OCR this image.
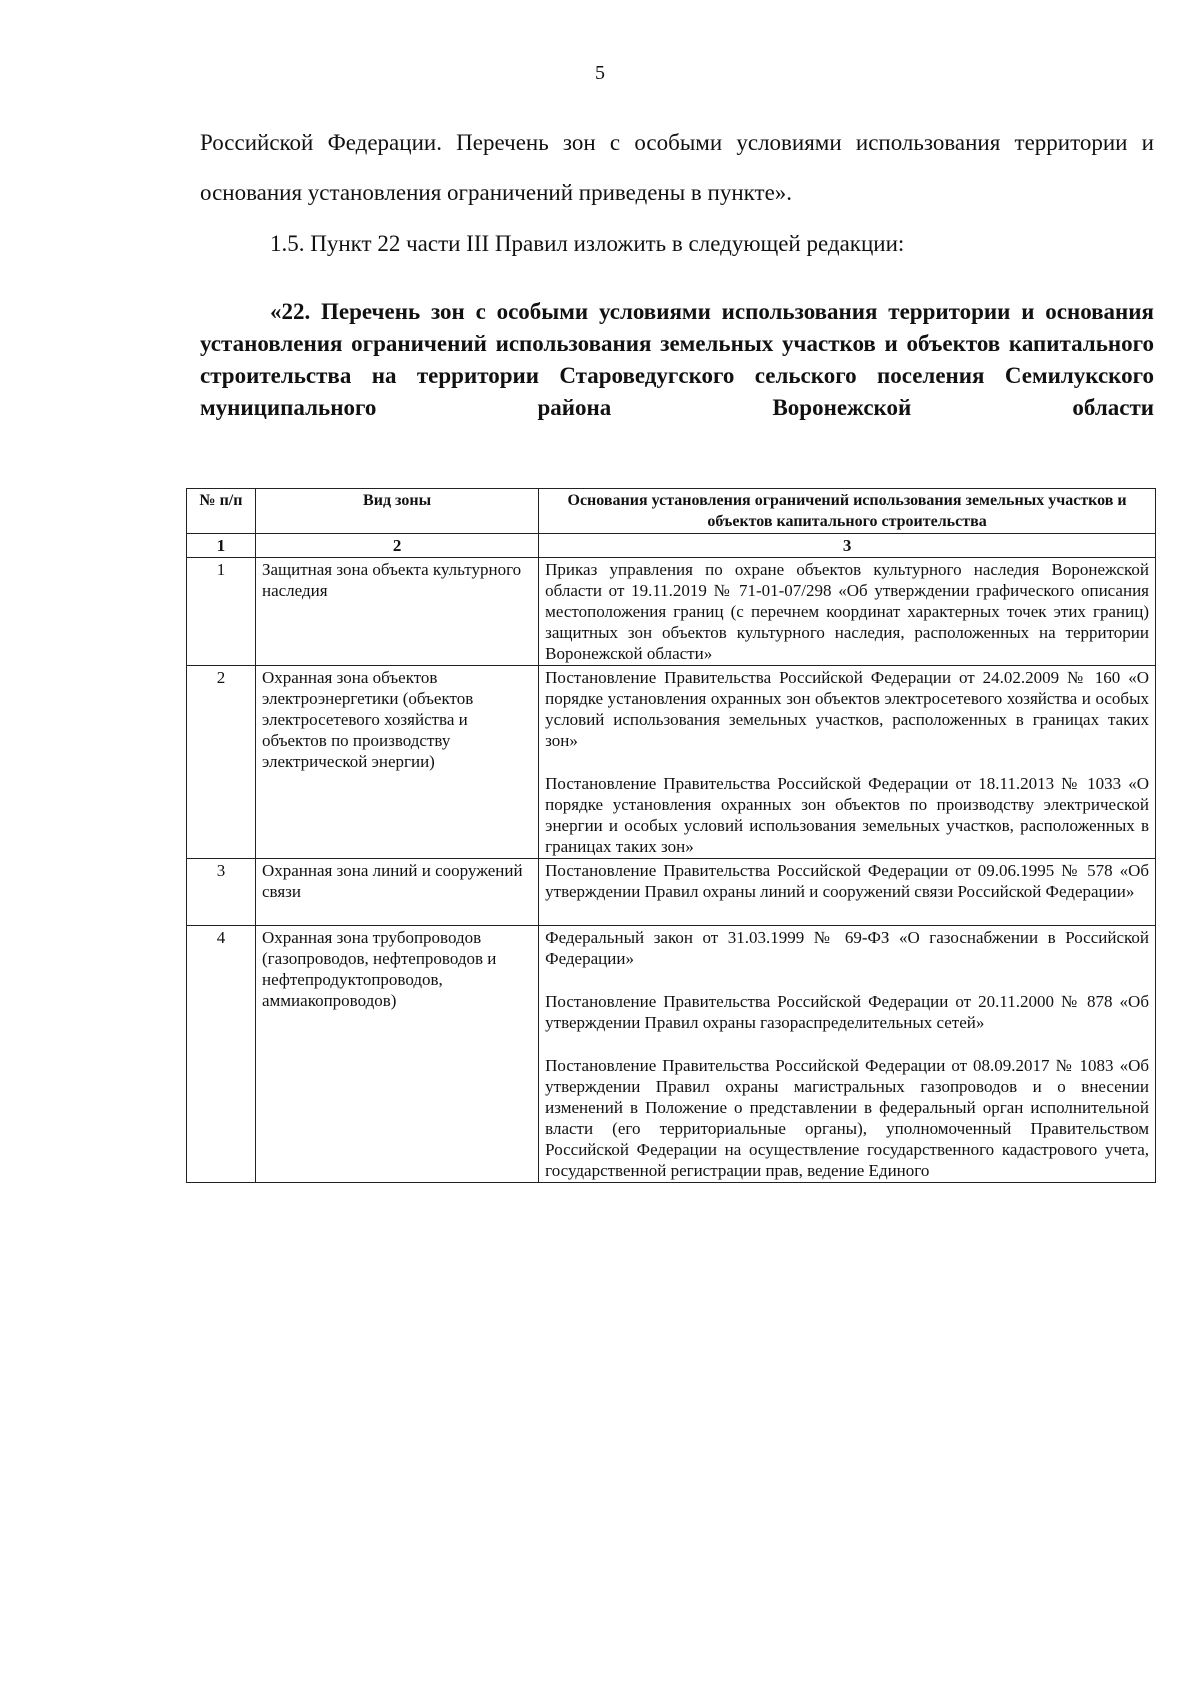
5
Российской Федерации. Перечень зон с особыми условиями использования территории и основания установления ограничений приведены в пункте».
1.5. Пункт 22 части III Правил изложить в следующей редакции:
«22. Перечень зон с особыми условиями использования территории и основания установления ограничений использования земельных участков и объектов капитального строительства на территории Староведугского сельского поселения Семилукского муниципального района Воронежской области
№ п/п	Вид зоны	Основания установления ограничений использования земельных участков и объектов капитального строительства
1	2	3
1	Защитная зона объекта культурного наследия	Приказ управления по охране объектов культурного наследия Воронежской области от 19.11.2019 № 71-01-07/298 «Об утверждении графического описания местоположения границ (с перечнем координат характерных точек этих границ) защитных зон объектов культурного наследия, расположенных на территории Воронежской области»

2	Охранная зона объектов электроэнергетики (объектов электросетевого хозяйства и объектов по производству электрической энергии)	Постановление Правительства Российской Федерации от 24.02.2009 № 160 «О порядке установления охранных зон объектов электросетевого хозяйства и особых условий использования земельных участков, расположенных в границах таких зон»

Постановление Правительства Российской Федерации от 18.11.2013 № 1033 «О порядке установления охранных зон объектов по производству электрической энергии и особых условий использования земельных участков, расположенных в границах таких зон»

3	Охранная зона линий и сооружений связи	Постановление Правительства Российской Федерации от 09.06.1995 № 578 «Об утверждении Правил охраны линий и сооружений связи Российской Федерации»

4	Охранная зона трубопроводов (газопроводов, нефтепроводов и нефтепродуктопроводов, аммиакопроводов)	Федеральный закон от 31.03.1999 № 69-ФЗ «О газоснабжении в Российской Федерации»

Постановление Правительства Российской Федерации от 20.11.2000 № 878 «Об утверждении Правил охраны газораспределительных сетей»

Постановление Правительства Российской Федерации от 08.09.2017 № 1083 «Об утверждении Правил охраны магистральных газопроводов и о внесении изменений в Положение о представлении в федеральный орган исполнительной власти (его территориальные органы), уполномоченный Правительством Российской Федерации на осуществление государственного кадастрового учета, государственной регистрации прав, ведение Единого
